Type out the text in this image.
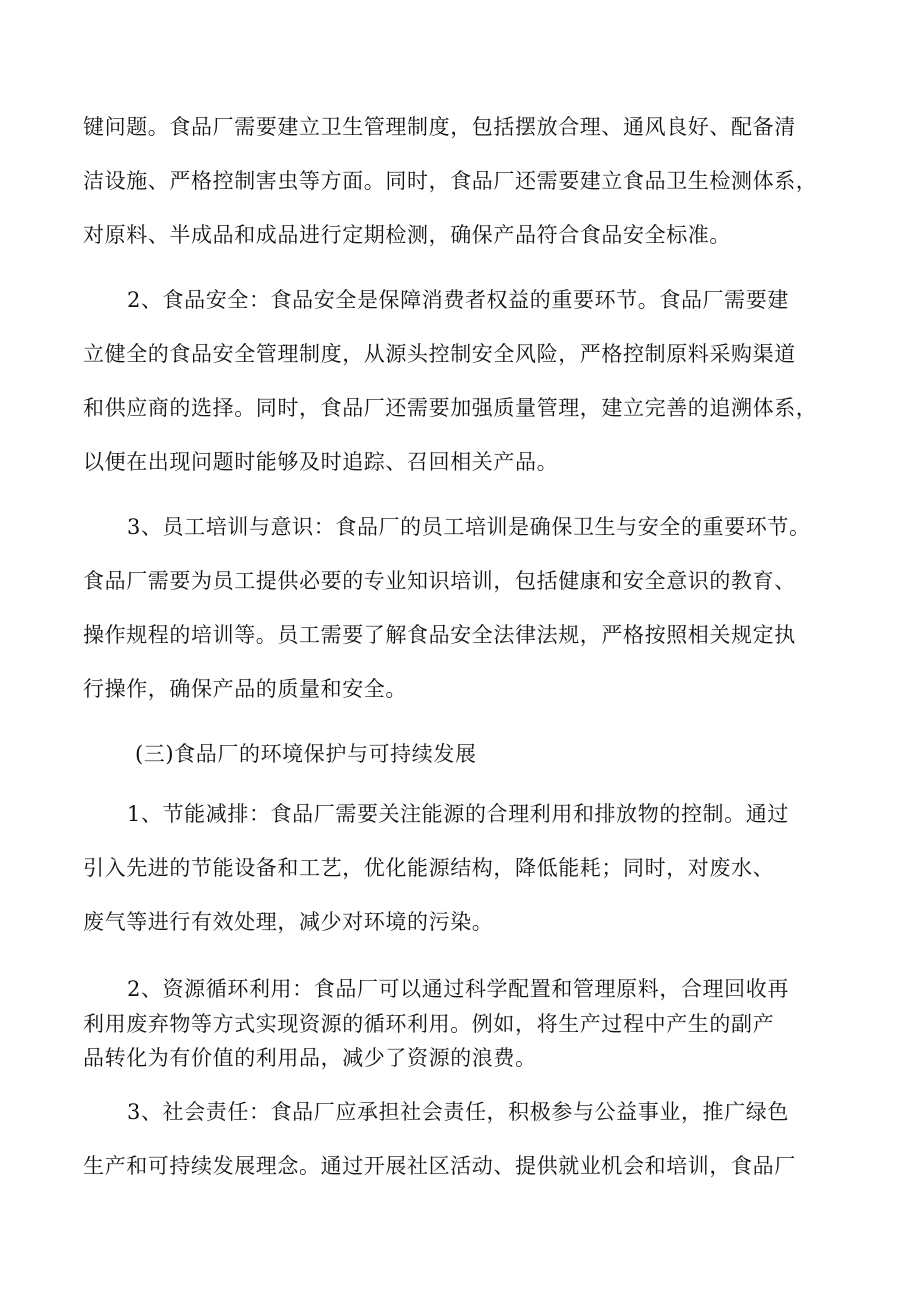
键问题。食品厂需要建立卫生管理制度，包括摆放合理、通风良好、配备清
洁设施、严格控制害虫等方面。同时，食品厂还需要建立食品卫生检测体系，
对原料、半成品和成品进行定期检测，确保产品符合食品安全标准。
2、食品安全：食品安全是保障消费者权益的重要环节。食品厂需要建
立健全的食品安全管理制度，从源头控制安全风险，严格控制原料采购渠道
和供应商的选择。同时，食品厂还需要加强质量管理，建立完善的追溯体系，
以便在出现问题时能够及时追踪、召回相关产品。
3、员工培训与意识：食品厂的员工培训是确保卫生与安全的重要环节。
食品厂需要为员工提供必要的专业知识培训，包括健康和安全意识的教育、
操作规程的培训等。员工需要了解食品安全法律法规，严格按照相关规定执
行操作，确保产品的质量和安全。
(三)食品厂的环境保护与可持续发展
1、节能减排：食品厂需要关注能源的合理利用和排放物的控制。通过
引入先进的节能设备和工艺，优化能源结构，降低能耗；同时，对废水、
废气等进行有效处理，减少对环境的污染。
2、资源循环利用：食品厂可以通过科学配置和管理原料，合理回收再
利用废弃物等方式实现资源的循环利用。例如，将生产过程中产生的副产
品转化为有价值的利用品，减少了资源的浪费。
3、社会责任：食品厂应承担社会责任，积极参与公益事业，推广绿色
生产和可持续发展理念。通过开展社区活动、提供就业机会和培训，食品厂
